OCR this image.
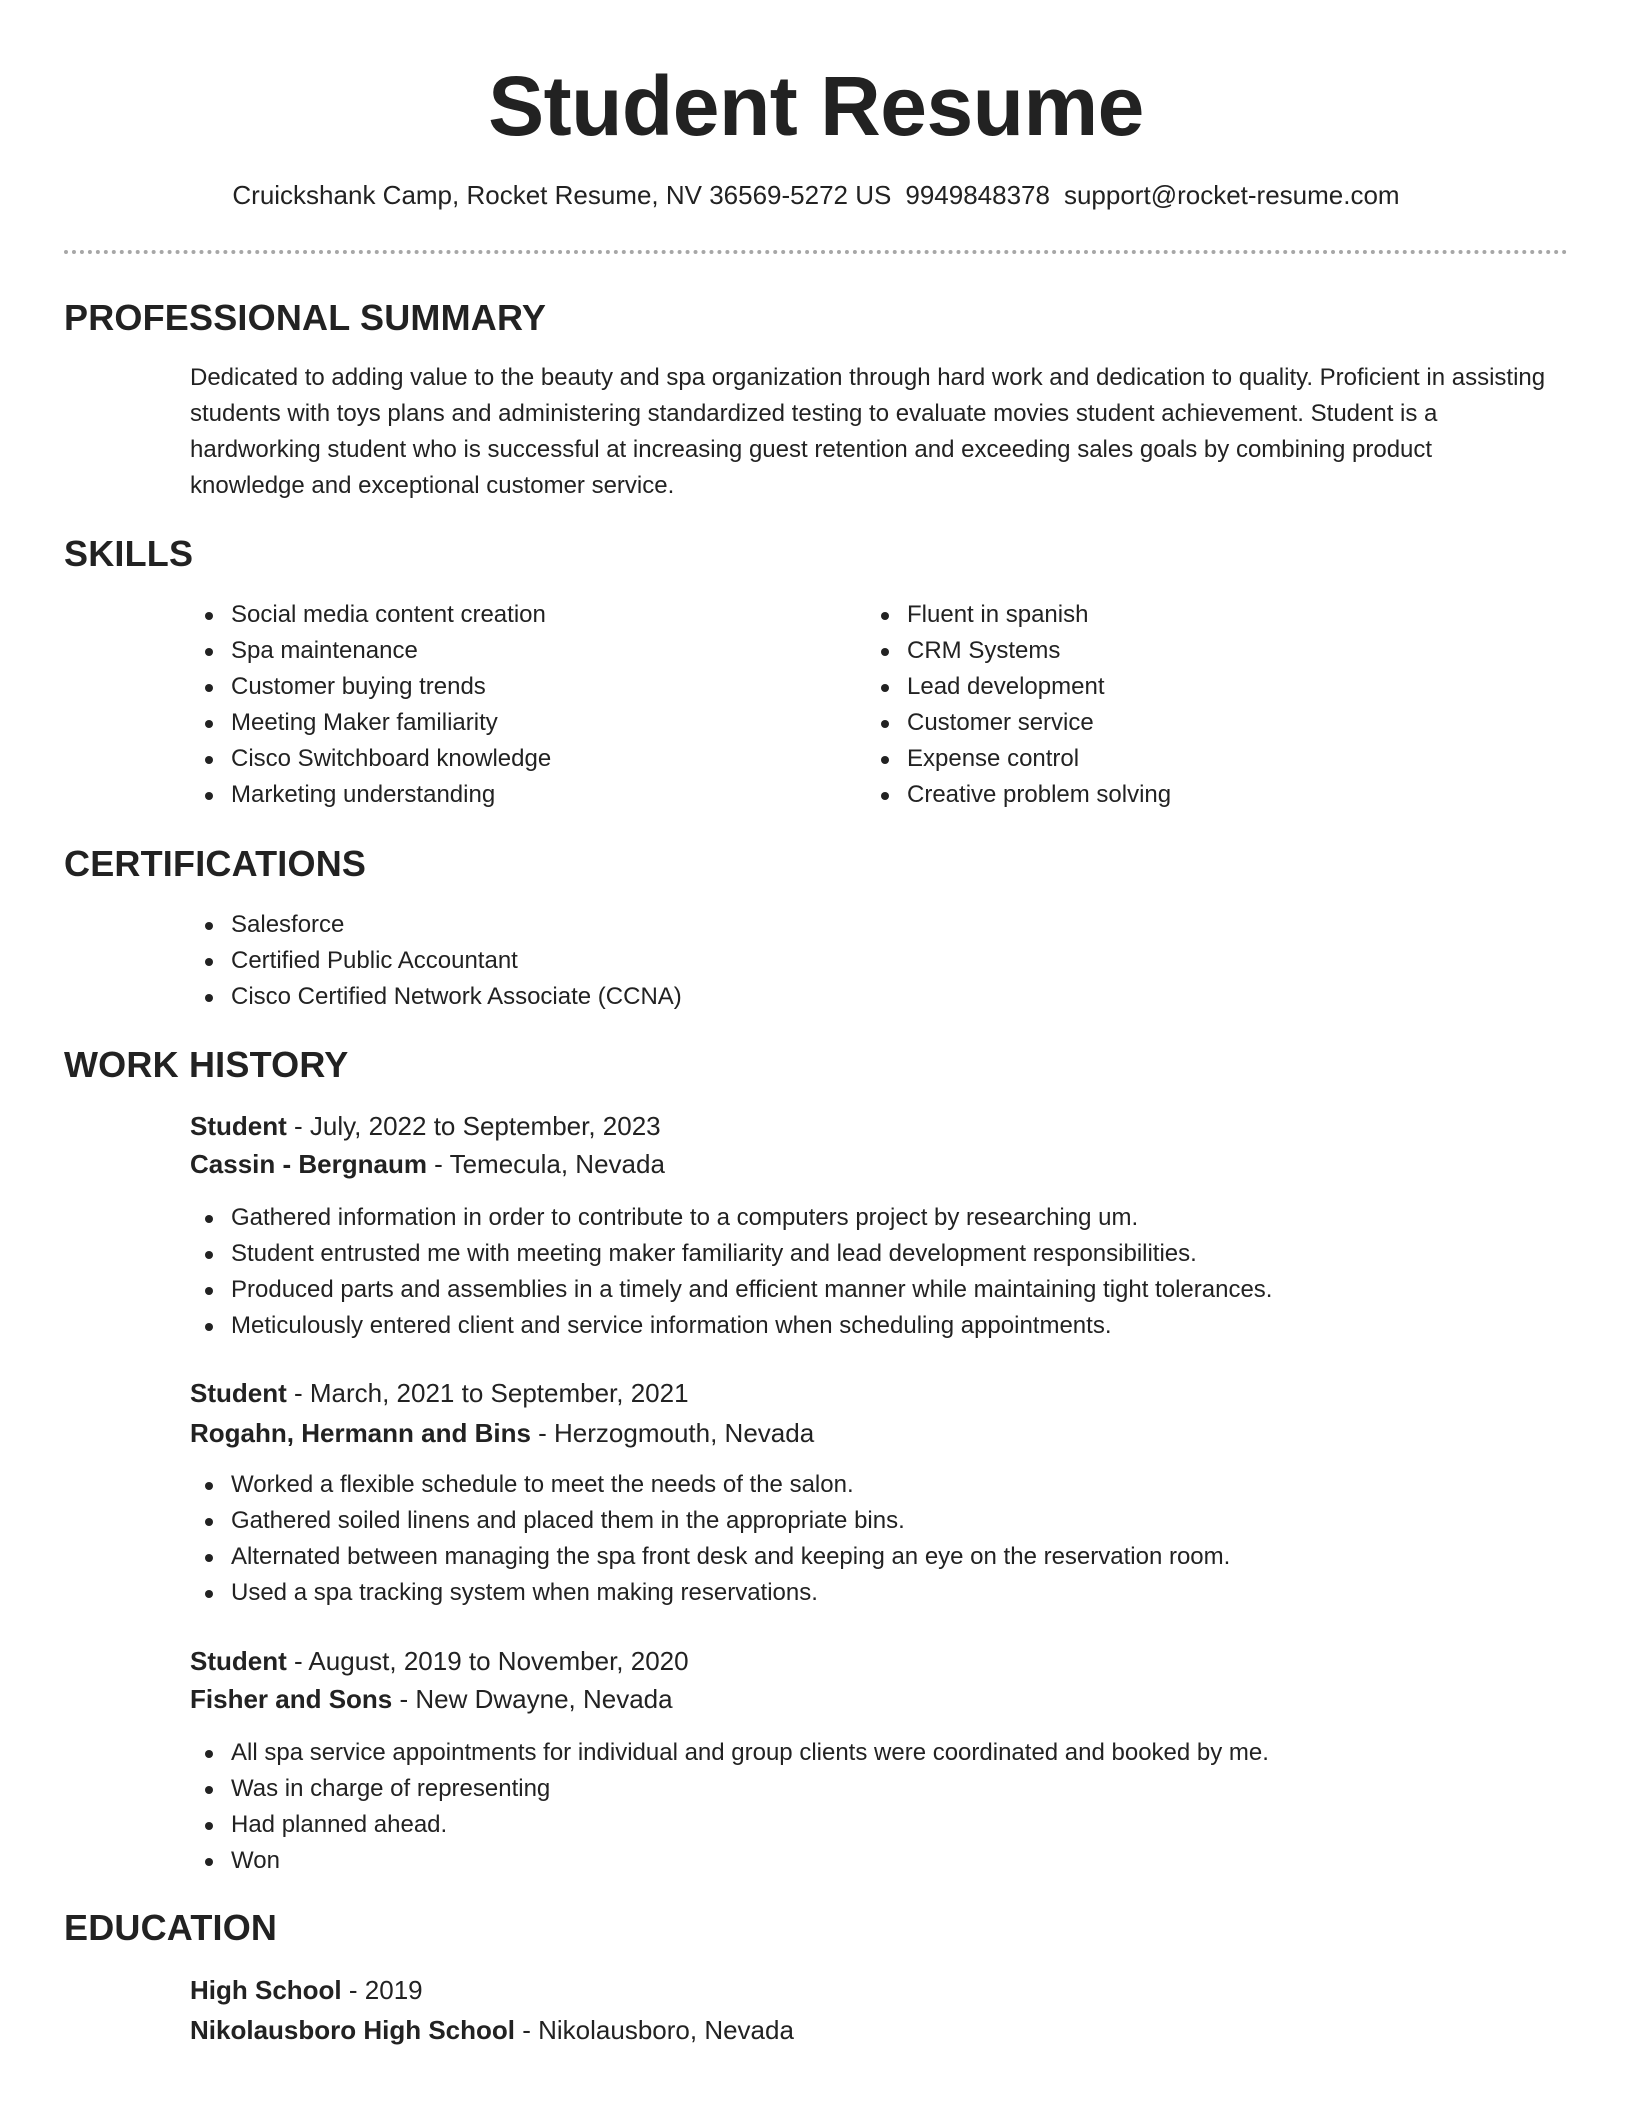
Student Resume
Cruickshank Camp, Rocket Resume, NV 36569-5272 US 9949848378 support@rocket-resume.com
PROFESSIONAL SUMMARY
Dedicated to adding value to the beauty and spa organization through hard work and dedication to quality. Proficient in assisting students with toys plans and administering standardized testing to evaluate movies student achievement. Student is a hardworking student who is successful at increasing guest retention and exceeding sales goals by combining product knowledge and exceptional customer service.
SKILLS
Social media content creation
Spa maintenance
Customer buying trends
Meeting Maker familiarity
Cisco Switchboard knowledge
Marketing understanding
Fluent in spanish
CRM Systems
Lead development
Customer service
Expense control
Creative problem solving
CERTIFICATIONS
Salesforce
Certified Public Accountant
Cisco Certified Network Associate (CCNA)
WORK HISTORY
Student - July, 2022 to September, 2023
Cassin - Bergnaum - Temecula, Nevada
Gathered information in order to contribute to a computers project by researching um.
Student entrusted me with meeting maker familiarity and lead development responsibilities.
Produced parts and assemblies in a timely and efficient manner while maintaining tight tolerances.
Meticulously entered client and service information when scheduling appointments.
Student - March, 2021 to September, 2021
Rogahn, Hermann and Bins - Herzogmouth, Nevada
Worked a flexible schedule to meet the needs of the salon.
Gathered soiled linens and placed them in the appropriate bins.
Alternated between managing the spa front desk and keeping an eye on the reservation room.
Used a spa tracking system when making reservations.
Student - August, 2019 to November, 2020
Fisher and Sons - New Dwayne, Nevada
All spa service appointments for individual and group clients were coordinated and booked by me.
Was in charge of representing
Had planned ahead.
Won
EDUCATION
High School - 2019
Nikolausboro High School - Nikolausboro, Nevada
